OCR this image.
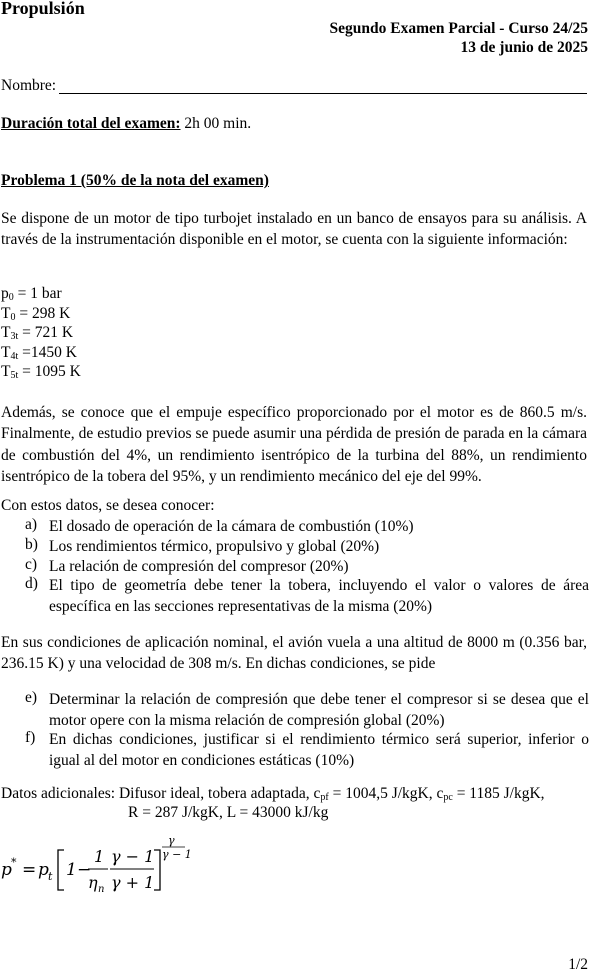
Propulsión
Segundo Examen Parcial - Curso 24/25
13 de junio de 2025
Nombre:
Duración total del examen: 2h 00 min.
Problema 1 (50% de la nota del examen)
Se dispone de un motor de tipo turbojet instalado en un banco de ensayos para su análisis. A través de la instrumentación disponible en el motor, se cuenta con la siguiente información:
$p_0 = 1$ bar
$T_0 = 298$ K
$T_{3t} = 721$ K
$T_{4t} =1450$ K
$T_{5t} = 1095$ K
Además, se conoce que el empuje específico proporcionado por el motor es de 860.5 m/s. Finalmente, de estudio previos se puede asumir una pérdida de presión de parada en la cámara de combustión del 4%, un rendimiento isentrópico de la turbina del 88%, un rendimiento isentrópico de la tobera del 95%, y un rendimiento mecánico del eje del 99%.
Con estos datos, se desea conocer:
a) El dosado de operación de la cámara de combustión (10%)
b) Los rendimientos térmico, propulsivo y global (20%)
c) La relación de compresión del compresor (20%)
d) El tipo de geometría debe tener la tobera, incluyendo el valor o valores de área específica en las secciones representativas de la misma (20%)
En sus condiciones de aplicación nominal, el avión vuela a una altitud de 8000 m (0.356 bar, 236.15 K) y una velocidad de 308 m/s. En dichas condiciones, se pide
e) Determinar la relación de compresión que debe tener el compresor si se desea que el motor opere con la misma relación de compresión global (20%)
f) En dichas condiciones, justificar si el rendimiento térmico será superior, inferior o igual al del motor en condiciones estáticas (10%)
Datos adicionales: Difusor ideal, tobera adaptada, $c_{pf} = 1004,5$ J/kgK, $c_{pc} = 1185$ J/kgK,
R = 287 J/kgK, L = 43000 kJ/kg
p * = p t 1 −
1
η n
γ − 1
γ + 1
γ
γ − 1
1/2
